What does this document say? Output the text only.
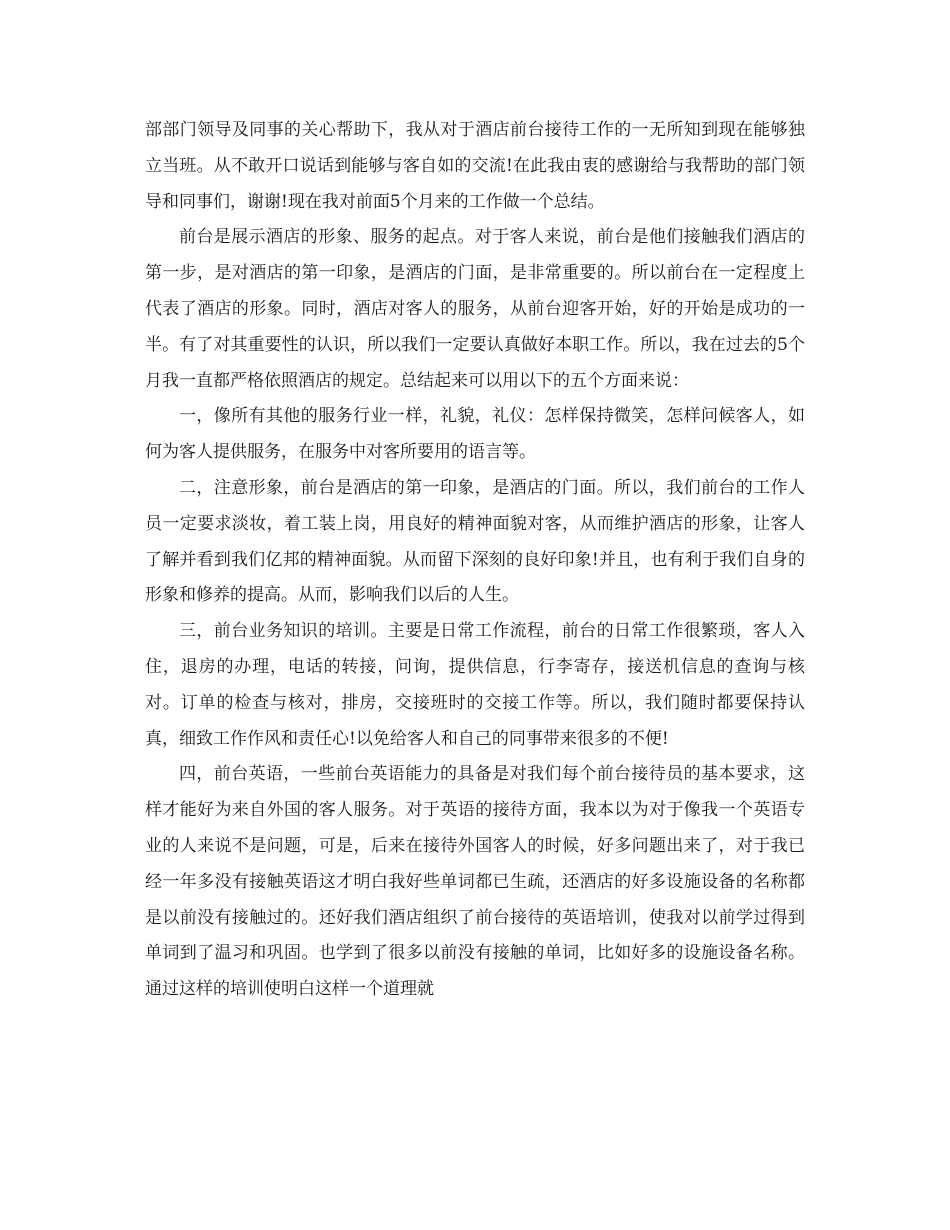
部部门领导及同事的关心帮助下，我从对于酒店前台接待工作的一无所知到现在能够独立当班。从不敢开口说话到能够与客自如的交流!在此我由衷的感谢给与我帮助的部门领导和同事们，谢谢!现在我对前面5个月来的工作做一个总结。

前台是展示酒店的形象、服务的起点。对于客人来说，前台是他们接触我们酒店的第一步，是对酒店的第一印象，是酒店的门面，是非常重要的。所以前台在一定程度上代表了酒店的形象。同时，酒店对客人的服务，从前台迎客开始，好的开始是成功的一半。有了对其重要性的认识，所以我们一定要认真做好本职工作。所以，我在过去的5个月我一直都严格依照酒店的规定。总结起来可以用以下的五个方面来说：

一，像所有其他的服务行业一样，礼貌，礼仪：怎样保持微笑，怎样问候客人，如何为客人提供服务，在服务中对客所要用的语言等。

二，注意形象，前台是酒店的第一印象，是酒店的门面。所以，我们前台的工作人员一定要求淡妆，着工装上岗，用良好的精神面貌对客，从而维护酒店的形象，让客人了解并看到我们亿邦的精神面貌。从而留下深刻的良好印象!并且，也有利于我们自身的形象和修养的提高。从而，影响我们以后的人生。

三，前台业务知识的培训。主要是日常工作流程，前台的日常工作很繁琐，客人入住，退房的办理，电话的转接，问询，提供信息，行李寄存，接送机信息的查询与核对。订单的检查与核对，排房，交接班时的交接工作等。所以，我们随时都要保持认真，细致工作作风和责任心!以免给客人和自己的同事带来很多的不便!

四，前台英语，一些前台英语能力的具备是对我们每个前台接待员的基本要求，这样才能好为来自外国的客人服务。对于英语的接待方面，我本以为对于像我一个英语专业的人来说不是问题，可是，后来在接待外国客人的时候，好多问题出来了，对于我已经一年多没有接触英语这才明白我好些单词都已生疏，还酒店的好多设施设备的名称都是以前没有接触过的。还好我们酒店组织了前台接待的英语培训，使我对以前学过得到单词到了温习和巩固。也学到了很多以前没有接触的单词，比如好多的设施设备名称。通过这样的培训使明白这样一个道理就
